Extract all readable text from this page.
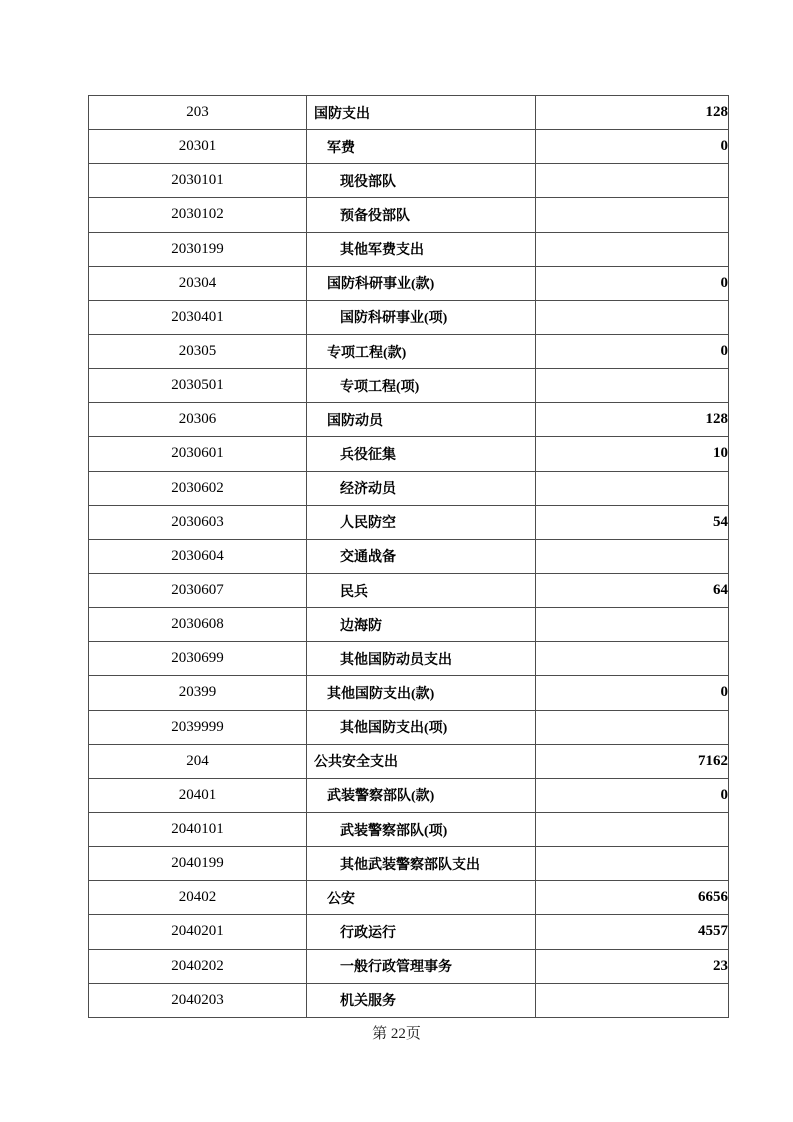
203	国防支出	128
20301	军费	0
2030101	现役部队	
2030102	预备役部队	
2030199	其他军费支出	
20304	国防科研事业(款)	0
2030401	国防科研事业(项)	
20305	专项工程(款)	0
2030501	专项工程(项)	
20306	国防动员	128
2030601	兵役征集	10
2030602	经济动员	
2030603	人民防空	54
2030604	交通战备	
2030607	民兵	64
2030608	边海防	
2030699	其他国防动员支出	
20399	其他国防支出(款)	0
2039999	其他国防支出(项)	
204	公共安全支出	7162
20401	武装警察部队(款)	0
2040101	武装警察部队(项)	
2040199	其他武装警察部队支出	
20402	公安	6656
2040201	行政运行	4557
2040202	一般行政管理事务	23
2040203	机关服务	
第 22页
